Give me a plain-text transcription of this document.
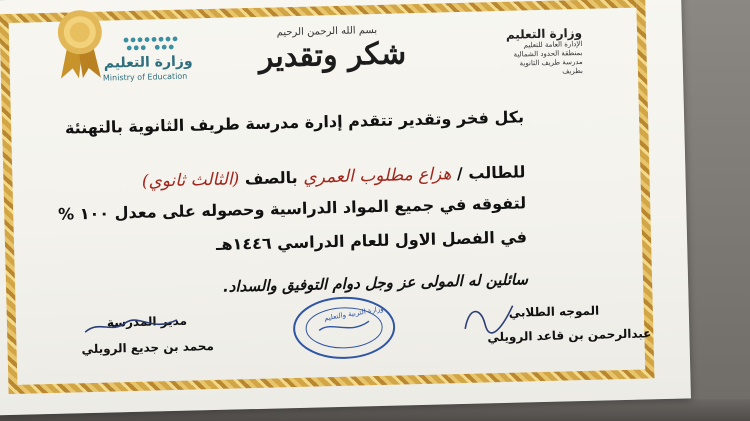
وزارة التعليم
Ministry of Education
بسم الله الرحمن الرحيم
شكر وتقدير
وزارة التعليم
الإدارة العامة للتعليم
بمنطقة الحدود الشمالية
مدرسة طريف الثانوية بطريف
بكل فخر وتقدير تتقدم إدارة مدرسة طريف الثانوية بالتهنئة
للطالب / هزاع مطلوب العمري بالصف (الثالث ثانوي)
لتفوقه في جميع المواد الدراسية وحصوله على معدل ١٠٠ %
في الفصل الاول للعام الدراسي ١٤٤٦هـ
سائلين له المولى عز وجل دوام التوفيق والسداد.
مدير المدرسة
محمد بن جديع الرويلي
وزارة التربية والتعليم	الموجه الطلابي
عبدالرحمن بن قاعد الرويلي
